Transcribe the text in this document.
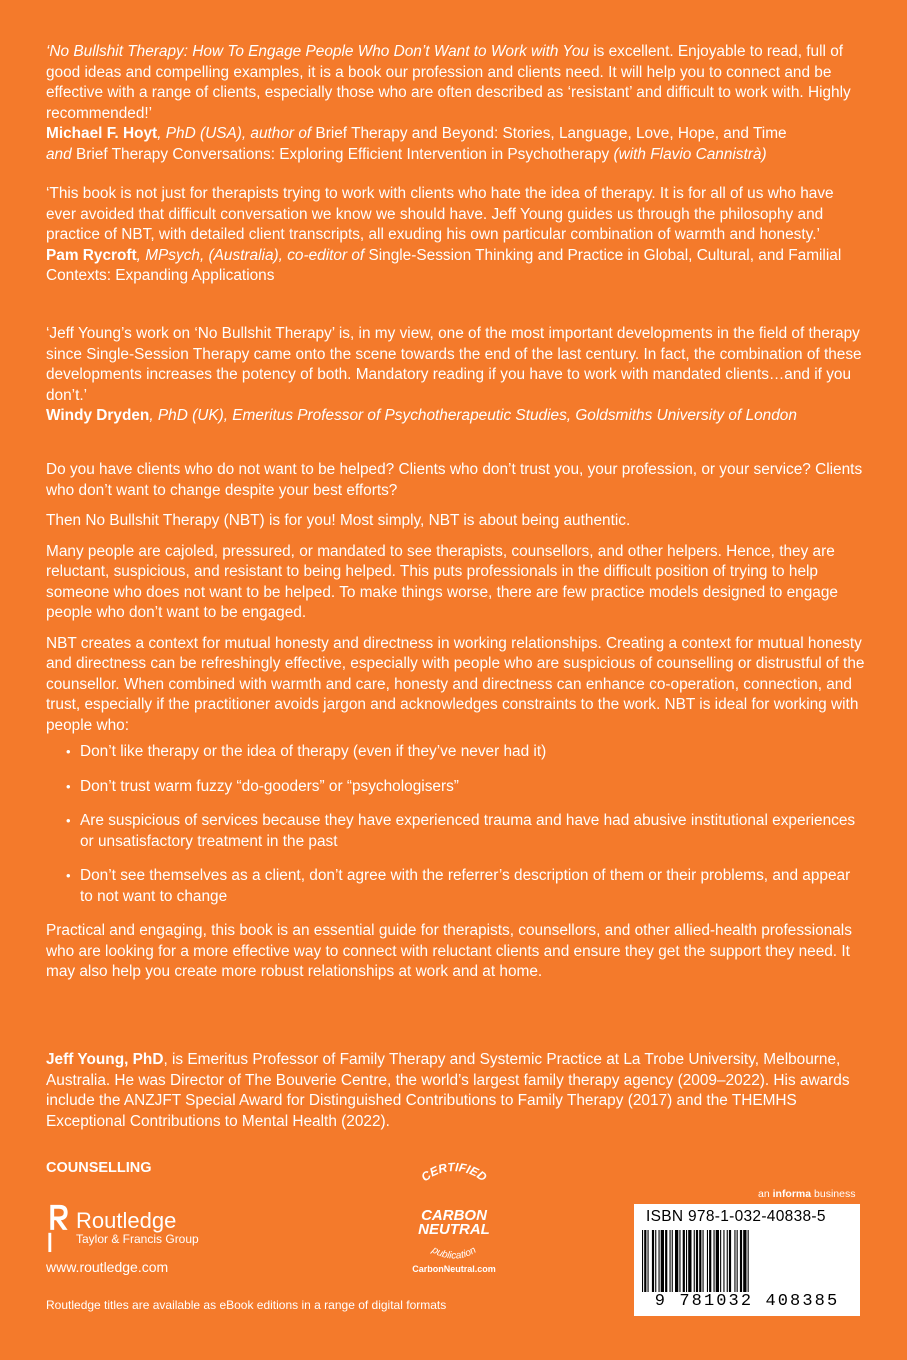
‘No Bullshit Therapy: How To Engage People Who Don’t Want to Work with You is excellent. Enjoyable to read, full of good ideas and compelling examples, it is a book our profession and clients need. It will help you to connect and be effective with a range of clients, especially those who are often described as ‘resistant’ and difficult to work with. Highly recommended!’

Michael F. Hoyt, PhD (USA), author of Brief Therapy and Beyond: Stories, Language, Love, Hope, and Time
and Brief Therapy Conversations: Exploring Efficient Intervention in Psychotherapy (with Flavio Cannistrà)

‘This book is not just for therapists trying to work with clients who hate the idea of therapy. It is for all of us who have ever avoided that difficult conversation we know we should have. Jeff Young guides us through the philosophy and practice of NBT, with detailed client transcripts, all exuding his own particular combination of warmth and honesty.’

Pam Rycroft, MPsych, (Australia), co-editor of Single-Session Thinking and Practice in Global, Cultural, and Familial Contexts: Expanding Applications

‘Jeff Young’s work on ‘No Bullshit Therapy’ is, in my view, one of the most important developments in the field of therapy since Single-Session Therapy came onto the scene towards the end of the last century. In fact, the combination of these developments increases the potency of both. Mandatory reading if you have to work with mandated clients…and if you don’t.’

Windy Dryden, PhD (UK), Emeritus Professor of Psychotherapeutic Studies, Goldsmiths University of London

Do you have clients who do not want to be helped? Clients who don’t trust you, your profession, or your service? Clients who don’t want to change despite your best efforts?

Then No Bullshit Therapy (NBT) is for you! Most simply, NBT is about being authentic.

Many people are cajoled, pressured, or mandated to see therapists, counsellors, and other helpers. Hence, they are reluctant, suspicious, and resistant to being helped. This puts professionals in the difficult position of trying to help someone who does not want to be helped. To make things worse, there are few practice models designed to engage people who don’t want to be engaged.

NBT creates a context for mutual honesty and directness in working relationships. Creating a context for mutual honesty and directness can be refreshingly effective, especially with people who are suspicious of counselling or distrustful of the counsellor. When combined with warmth and care, honesty and directness can enhance co-operation, connection, and trust, especially if the practitioner avoids jargon and acknowledges constraints to the work. NBT is ideal for working with people who:

• Don’t like therapy or the idea of therapy (even if they’ve never had it)
• Don’t trust warm fuzzy “do-gooders” or “psychologisers”
• Are suspicious of services because they have experienced trauma and have had abusive institutional experiences or unsatisfactory treatment in the past
• Don’t see themselves as a client, don’t agree with the referrer’s description of them or their problems, and appear to not want to change

Practical and engaging, this book is an essential guide for therapists, counsellors, and other allied-health professionals who are looking for a more effective way to connect with reluctant clients and ensure they get the support they need. It may also help you create more robust relationships at work and at home.

Jeff Young, PhD, is Emeritus Professor of Family Therapy and Systemic Practice at La Trobe University, Melbourne, Australia. He was Director of The Bouverie Centre, the world’s largest family therapy agency (2009–2022). His awards include the ANZJFT Special Award for Distinguished Contributions to Family Therapy (2017) and the THEMHS Exceptional Contributions to Mental Health (2022).
COUNSELLING
Routledge
Taylor & Francis Group
www.routledge.com
Routledge titles are available as eBook editions in a range of digital formats
CERTIFIED
CARBON
NEUTRAL
publication
CarbonNeutral.com
an informa business
ISBN 978-1-032-40838-5
9 781032 408385
